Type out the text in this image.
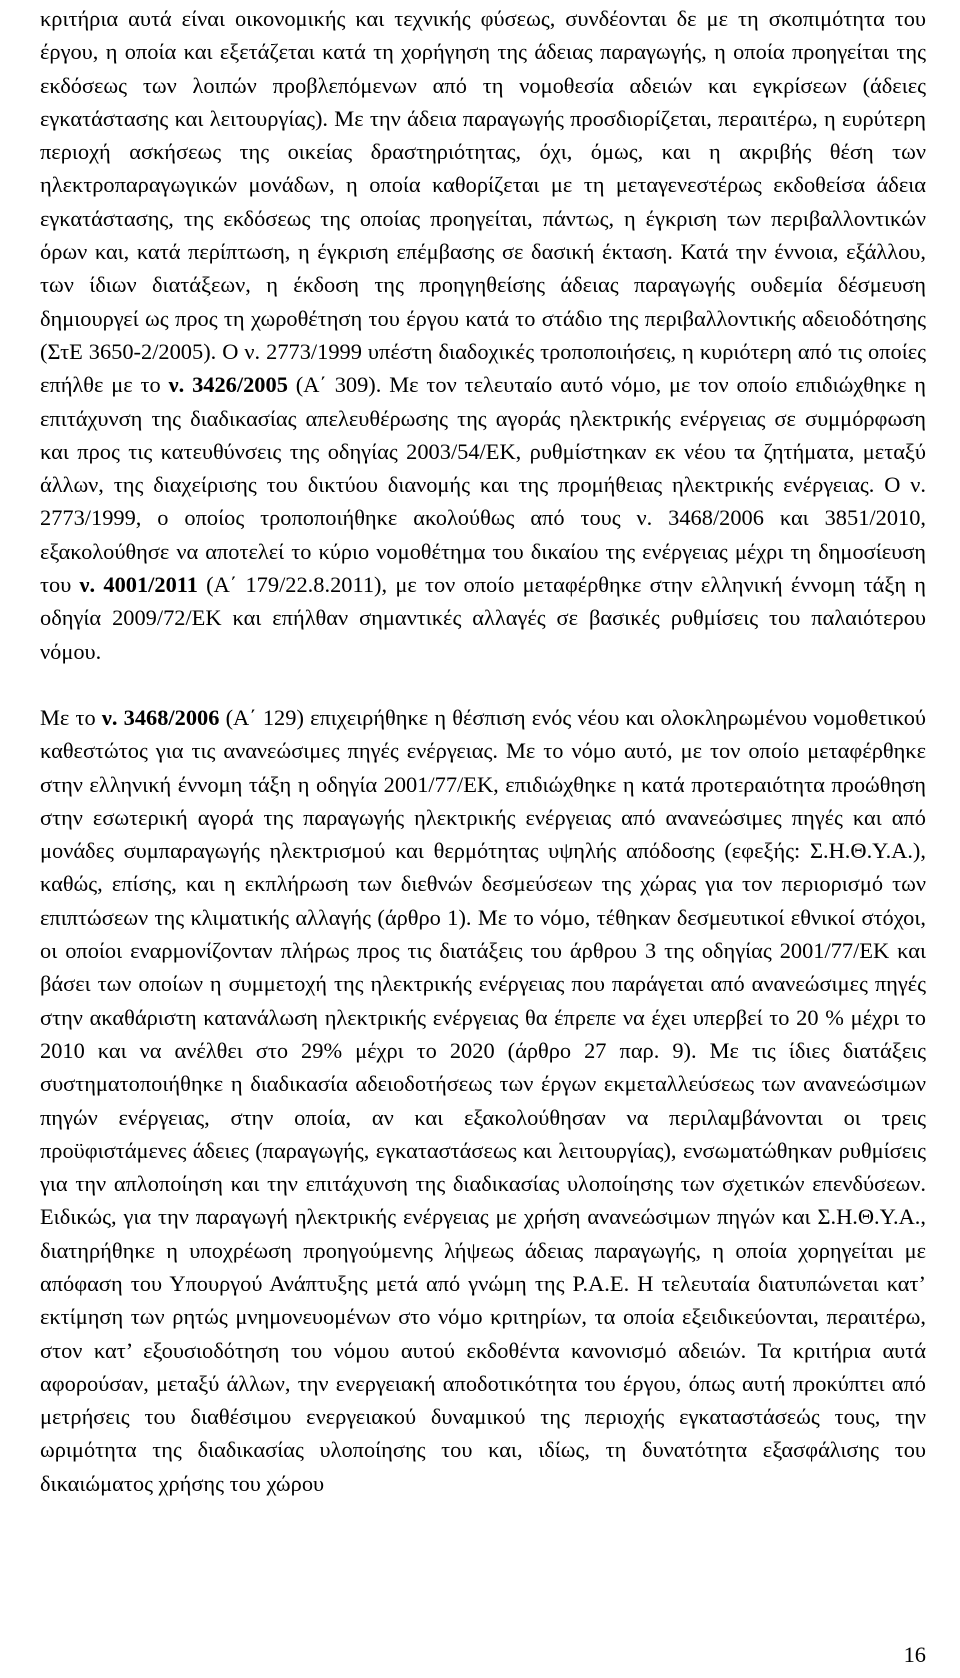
κριτήρια αυτά είναι οικονομικής και τεχνικής φύσεως, συνδέονται δε με τη σκοπιμότητα του έργου, η οποία και εξετάζεται κατά τη χορήγηση της άδειας παραγωγής, η οποία προηγείται της εκδόσεως των λοιπών προβλεπόμενων από τη νομοθεσία αδειών και εγκρίσεων (άδειες εγκατάστασης και λειτουργίας). Με την άδεια παραγωγής προσδιορίζεται, περαιτέρω, η ευρύτερη περιοχή ασκήσεως της οικείας δραστηριότητας, όχι, όμως, και η ακριβής θέση των ηλεκτροπαραγωγικών μονάδων, η οποία καθορίζεται με τη μεταγενεστέρως εκδοθείσα άδεια εγκατάστασης, της εκδόσεως της οποίας προηγείται, πάντως, η έγκριση των περιβαλλοντικών όρων και, κατά περίπτωση, η έγκριση επέμβασης σε δασική έκταση. Κατά την έννοια, εξάλλου, των ίδιων διατάξεων, η έκδοση της προηγηθείσης άδειας παραγωγής ουδεμία δέσμευση δημιουργεί ως προς τη χωροθέτηση του έργου κατά το στάδιο της περιβαλλοντικής αδειοδότησης (ΣτΕ 3650-2/2005). Ο ν. 2773/1999 υπέστη διαδοχικές τροποποιήσεις, η κυριότερη από τις οποίες επήλθε με το ν. 3426/2005 (Α΄ 309). Με τον τελευταίο αυτό νόμο, με τον οποίο επιδιώχθηκε η επιτάχυνση της διαδικασίας απελευθέρωσης της αγοράς ηλεκτρικής ενέργειας σε συμμόρφωση και προς τις κατευθύνσεις της οδηγίας 2003/54/ΕΚ, ρυθμίστηκαν εκ νέου τα ζητήματα, μεταξύ άλλων, της διαχείρισης του δικτύου διανομής και της προμήθειας ηλεκτρικής ενέργειας. Ο ν. 2773/1999, ο οποίος τροποποιήθηκε ακολούθως από τους ν. 3468/2006 και 3851/2010, εξακολούθησε να αποτελεί το κύριο νομοθέτημα του δικαίου της ενέργειας μέχρι τη δημοσίευση του ν. 4001/2011 (Α΄ 179/22.8.2011), με τον οποίο μεταφέρθηκε στην ελληνική έννομη τάξη η οδηγία 2009/72/ΕΚ και επήλθαν σημαντικές αλλαγές σε βασικές ρυθμίσεις του παλαιότερου νόμου.

Με το ν. 3468/2006 (Α΄ 129) επιχειρήθηκε η θέσπιση ενός νέου και ολοκληρωμένου νομοθετικού καθεστώτος για τις ανανεώσιμες πηγές ενέργειας. Με το νόμο αυτό, με τον οποίο μεταφέρθηκε στην ελληνική έννομη τάξη η οδηγία 2001/77/ΕΚ, επιδιώχθηκε η κατά προτεραιότητα προώθηση στην εσωτερική αγορά της παραγωγής ηλεκτρικής ενέργειας από ανανεώσιμες πηγές και από μονάδες συμπαραγωγής ηλεκτρισμού και θερμότητας υψηλής απόδοσης (εφεξής: Σ.Η.Θ.Υ.Α.), καθώς, επίσης, και η εκπλήρωση των διεθνών δεσμεύσεων της χώρας για τον περιορισμό των επιπτώσεων της κλιματικής αλλαγής (άρθρο 1). Με το νόμο, τέθηκαν δεσμευτικοί εθνικοί στόχοι, οι οποίοι εναρμονίζονταν πλήρως προς τις διατάξεις του άρθρου 3 της οδηγίας 2001/77/ΕΚ και βάσει των οποίων η συμμετοχή της ηλεκτρικής ενέργειας που παράγεται από ανανεώσιμες πηγές στην ακαθάριστη κατανάλωση ηλεκτρικής ενέργειας θα έπρεπε να έχει υπερβεί το 20 % μέχρι το 2010 και να ανέλθει στο 29% μέχρι το 2020 (άρθρο 27 παρ. 9). Με τις ίδιες διατάξεις συστηματοποιήθηκε η διαδικασία αδειοδοτήσεως των έργων εκμεταλλεύσεως των ανανεώσιμων πηγών ενέργειας, στην οποία, αν και εξακολούθησαν να περιλαμβάνονται οι τρεις προϋφιστάμενες άδειες (παραγωγής, εγκαταστάσεως και λειτουργίας), ενσωματώθηκαν ρυθμίσεις για την απλοποίηση και την επιτάχυνση της διαδικασίας υλοποίησης των σχετικών επενδύσεων. Ειδικώς, για την παραγωγή ηλεκτρικής ενέργειας με χρήση ανανεώσιμων πηγών και Σ.Η.Θ.Υ.Α., διατηρήθηκε η υποχρέωση προηγούμενης λήψεως άδειας παραγωγής, η οποία χορηγείται με απόφαση του Υπουργού Ανάπτυξης μετά από γνώμη της Ρ.Α.Ε. Η τελευταία διατυπώνεται κατ’ εκτίμηση των ρητώς μνημονευομένων στο νόμο κριτηρίων, τα οποία εξειδικεύονται, περαιτέρω, στον κατ’ εξουσιοδότηση του νόμου αυτού εκδοθέντα κανονισμό αδειών. Τα κριτήρια αυτά αφορούσαν, μεταξύ άλλων, την ενεργειακή αποδοτικότητα του έργου, όπως αυτή προκύπτει από μετρήσεις του διαθέσιμου ενεργειακού δυναμικού της περιοχής εγκαταστάσεώς τους, την ωριμότητα της διαδικασίας υλοποίησης του και, ιδίως, τη δυνατότητα εξασφάλισης του δικαιώματος χρήσης του χώρου

16
